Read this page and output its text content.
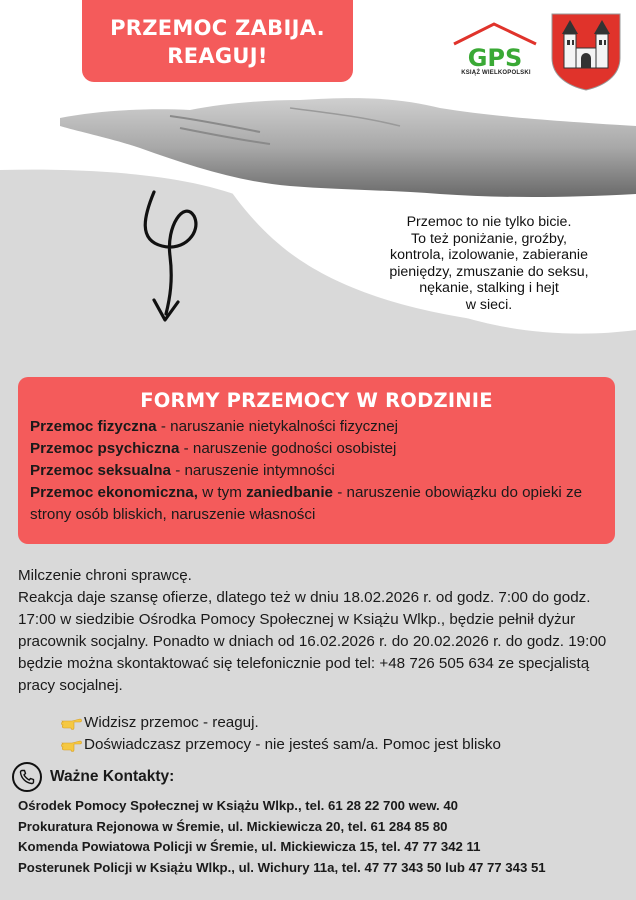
PRZEMOC ZABIJA.
REAGUJ!	GPS
KSIĄŻ WIELKOPOLSKI
Przemoc to nie tylko bicie.
To też poniżanie, groźby,
kontrola, izolowanie, zabieranie
pieniędzy, zmuszanie do seksu,
nękanie, stalking i hejt
w sieci.
FORMY PRZEMOCY W RODZINIE
Przemoc fizyczna - naruszanie nietykalności fizycznej
Przemoc psychiczna - naruszenie godności osobistej
Przemoc seksualna - naruszenie intymności
Przemoc ekonomiczna, w tym zaniedbanie - naruszenie obowiązku do opieki ze strony osób bliskich, naruszenie własności

Milczenie chroni sprawcę.

Reakcja daje szansę ofierze, dlatego też w dniu 18.02.2026 r. od godz. 7:00 do godz. 17:00 w siedzibie Ośrodka Pomocy Społecznej w Książu Wlkp., będzie pełnił dyżur pracownik socjalny. Ponadto w dniach od 16.02.2026 r. do 20.02.2026 r. do godz. 19:00 będzie można skontaktować się telefonicznie pod tel: +48 726 505 634 ze specjalistą pracy socjalnej.

Widzisz przemoc - reaguj.
Doświadczasz przemocy - nie jesteś sam/a. Pomoc jest blisko
Ważne Kontakty:
Ośrodek Pomocy Społecznej w Książu Wlkp., tel. 61 28 22 700 wew. 40
Prokuratura Rejonowa w Śremie, ul. Mickiewicza 20, tel. 61 284 85 80
Komenda Powiatowa Policji w Śremie, ul. Mickiewicza 15, tel. 47 77 342 11
Posterunek Policji w Książu Wlkp., ul. Wichury 11a, tel. 47 77 343 50 lub 47 77 343 51
